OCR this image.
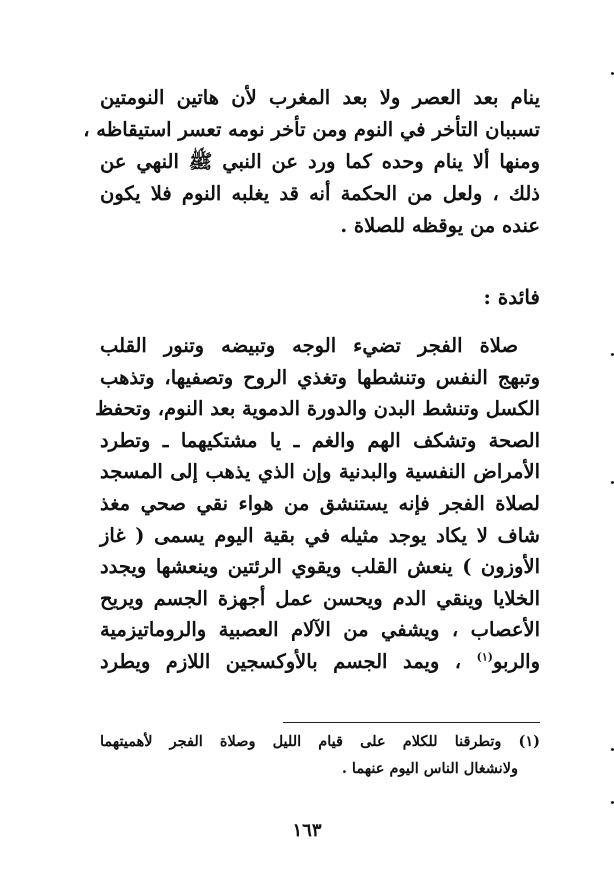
ينام بعد العصر ولا بعد المغرب لأن هاتين النومتين
تسببان التأخر في النوم ومن تأخر نومه تعسر استيقاظه ،
ومنها ألا ينام وحده كما ورد عن النبي ﷺ النهي عن
ذلك ، ولعل من الحكمة أنه قد يغلبه النوم فلا يكون
عنده من يوقظه للصلاة .
فائدة :
صلاة الفجر تضيء الوجه وتبيضه وتنور القلب
وتبهج النفس وتنشطها وتغذي الروح وتصفيها، وتذهب
الكسل وتنشط البدن والدورة الدموية بعد النوم، وتحفظ
الصحة وتشكف الهم والغم ـ يا مشتكيهما ـ وتطرد
الأمراض النفسية والبدنية وإن الذي يذهب إلى المسجد
لصلاة الفجر فإنه يستنشق من هواء نقي صحي مغذ
شاف لا يكاد يوجد مثيله في بقية اليوم يسمى ( غاز
الأوزون ) ينعش القلب ويقوي الرئتين وينعشها ويجدد
الخلايا وينقي الدم ويحسن عمل أجهزة الجسم ويريح
الأعصاب ، ويشفي من الآلام العصبية والروماتيزمية
والربو$^{(١)}$ ، ويمد الجسم بالأوكسجين اللازم ويطرد
(١) وتطرقنا للكلام على قيام الليل وصلاة الفجر لأهميتهما
ولانشغال الناس اليوم عنهما .
١٦٣
